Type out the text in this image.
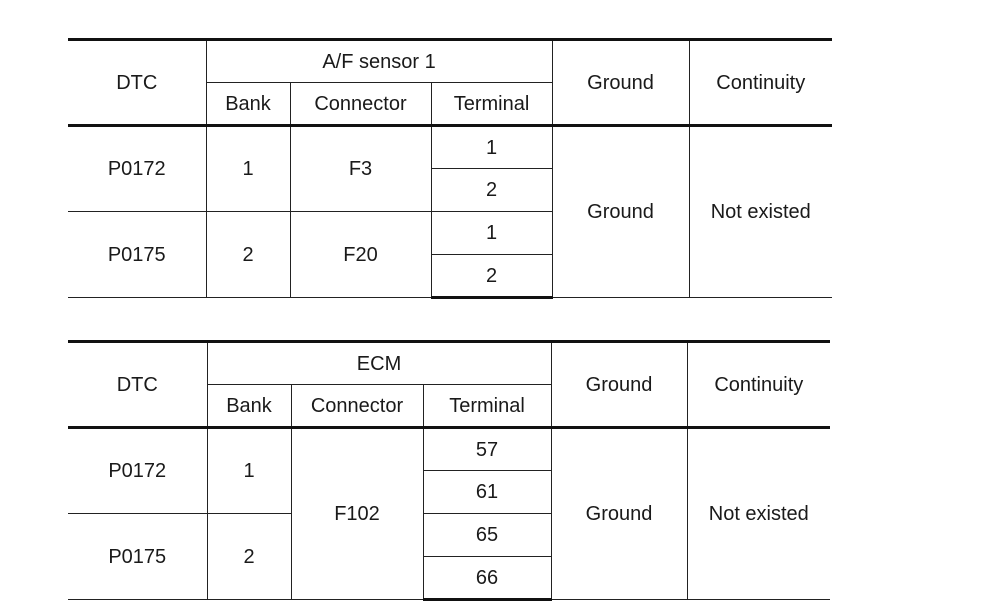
DTC	A/F sensor 1			Ground	Continuity
	Bank	Connector	Terminal		
P0172	1	F3	1	Ground	Not existed
			2		
P0175	2	F20	1		
			2		
DTC	ECM			Ground	Continuity
	Bank	Connector	Terminal		
P0172	1	F102	57	Ground	Not existed
			61		
P0175	2		65		
			66		
